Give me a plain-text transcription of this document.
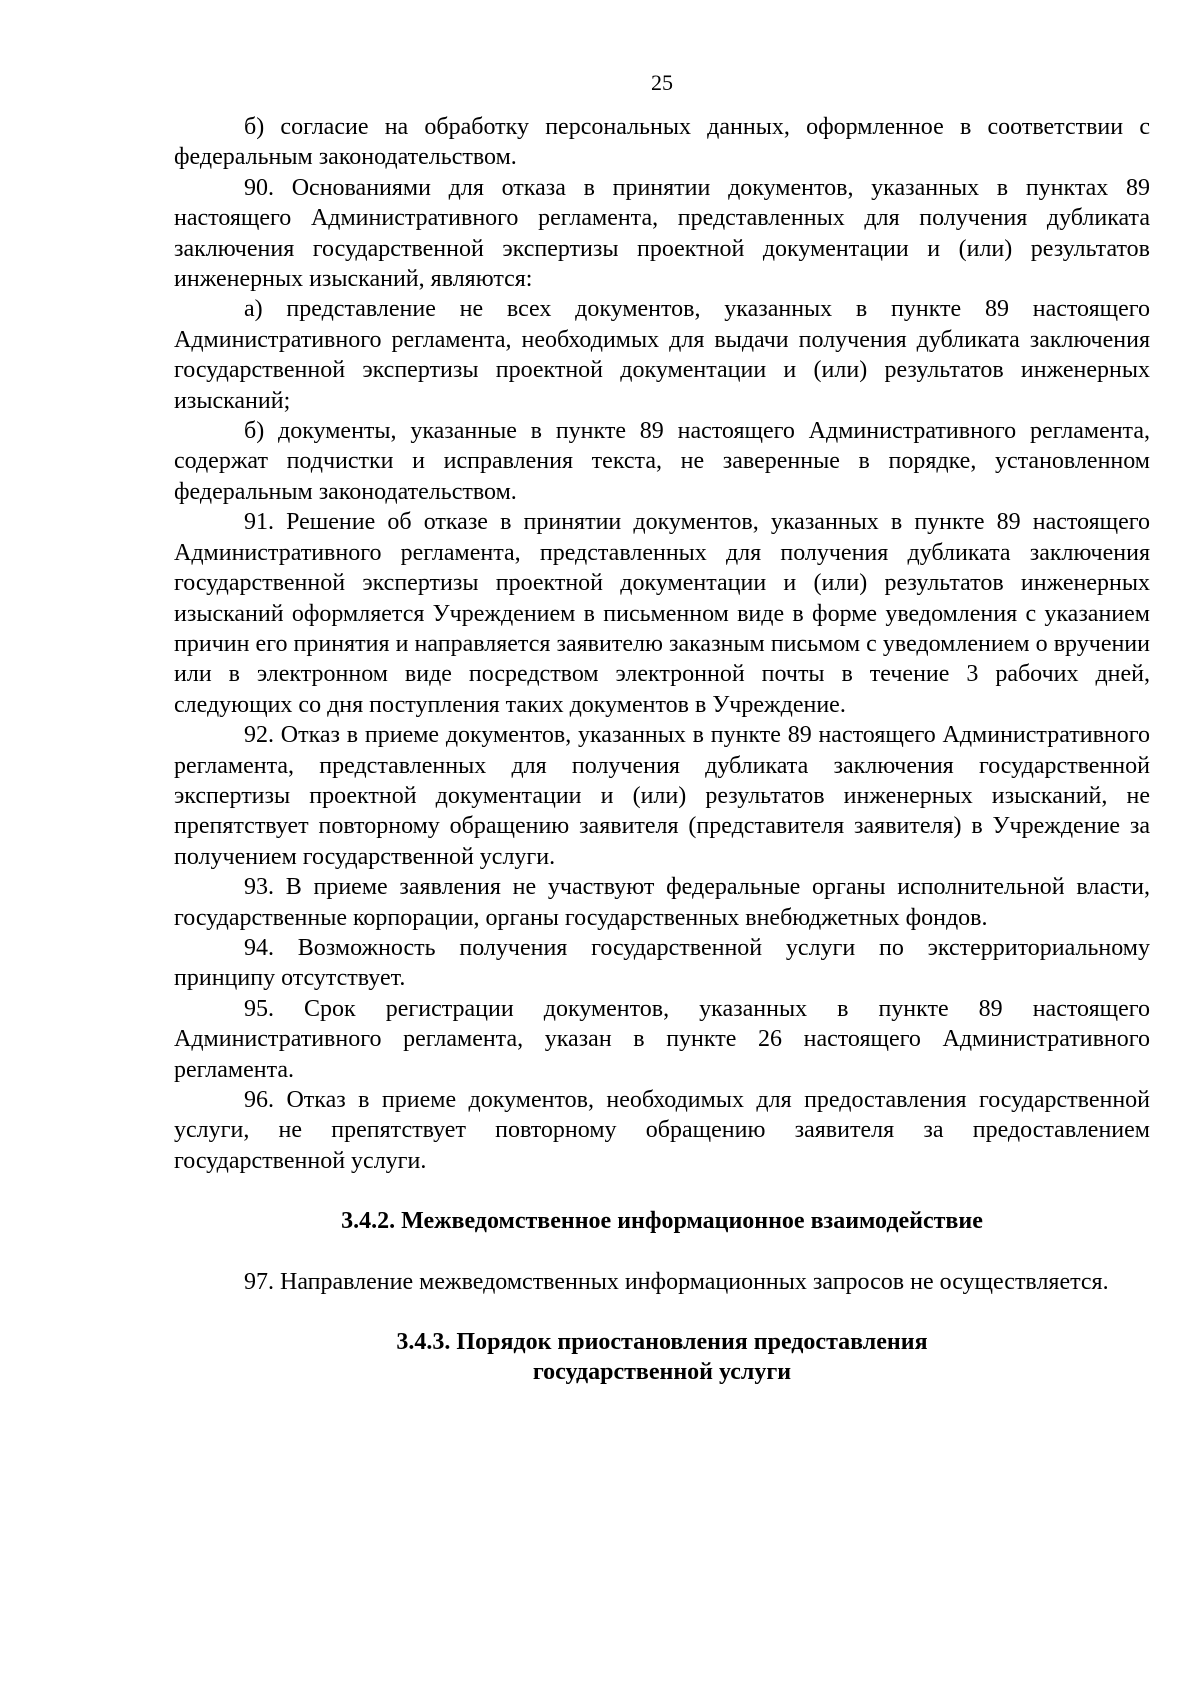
25

б) согласие на обработку персональных данных, оформленное в соответствии с федеральным законодательством.

90. Основаниями для отказа в принятии документов, указанных в пунктах 89 настоящего Административного регламента, представленных для получения дубликата заключения государственной экспертизы проектной документации и (или) результатов инженерных изысканий, являются:

а) представление не всех документов, указанных в пункте 89 настоящего Административного регламента, необходимых для выдачи получения дубликата заключения государственной экспертизы проектной документации и (или) результатов инженерных изысканий;

б) документы, указанные в пункте 89 настоящего Административного регламента, содержат подчистки и исправления текста, не заверенные в порядке, установленном федеральным законодательством.

91. Решение об отказе в принятии документов, указанных в пункте 89 настоящего Административного регламента, представленных для получения дубликата заключения государственной экспертизы проектной документации и (или) результатов инженерных изысканий оформляется Учреждением в письменном виде в форме уведомления с указанием причин его принятия и направляется заявителю заказным письмом с уведомлением о вручении или в электронном виде посредством электронной почты в течение 3 рабочих дней, следующих со дня поступления таких документов в Учреждение.

92. Отказ в приеме документов, указанных в пункте 89 настоящего Административного регламента, представленных для получения дубликата заключения государственной экспертизы проектной документации и (или) результатов инженерных изысканий, не препятствует повторному обращению заявителя (представителя заявителя) в Учреждение за получением государственной услуги.

93. В приеме заявления не участвуют федеральные органы исполнительной власти, государственные корпорации, органы государственных внебюджетных фондов.

94. Возможность получения государственной услуги по экстерриториальному принципу отсутствует.

95. Срок регистрации документов, указанных в пункте 89 настоящего Административного регламента, указан в пункте 26 настоящего Административного регламента.

96. Отказ в приеме документов, необходимых для предоставления государственной услуги, не препятствует повторному обращению заявителя за предоставлением государственной услуги.

3.4.2. Межведомственное информационное взаимодействие

97. Направление межведомственных информационных запросов не осуществляется.

3.4.3. Порядок приостановления предоставления
государственной услуги
